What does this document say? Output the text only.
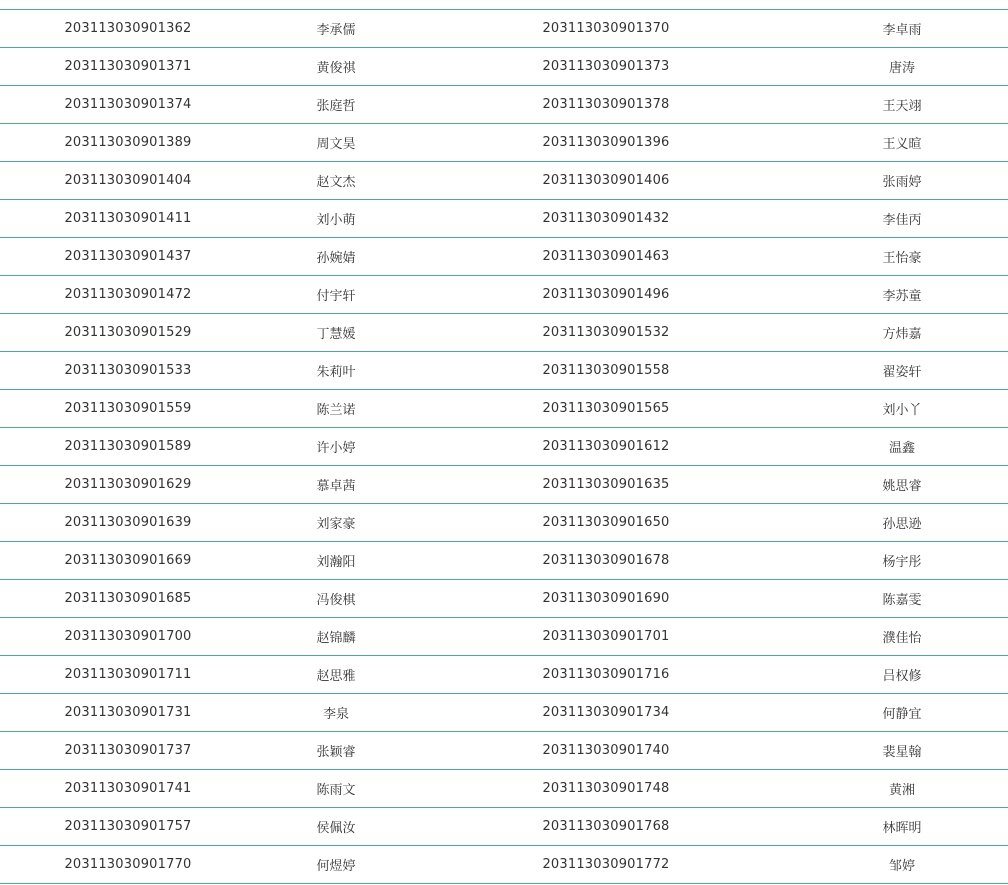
203113030901362		李承儒	203113030901370		李卓雨
203113030901371		黄俊祺	203113030901373		唐涛
203113030901374		张庭哲	203113030901378		王天翊
203113030901389		周文昊	203113030901396		王义暄
203113030901404		赵文杰	203113030901406		张雨婷
203113030901411		刘小萌	203113030901432		李佳丙
203113030901437		孙婉婧	203113030901463		王怡豪
203113030901472		付宇轩	203113030901496		李苏童
203113030901529		丁慧媛	203113030901532		方炜嘉
203113030901533		朱莉叶	203113030901558		翟姿轩
203113030901559		陈兰诺	203113030901565		刘小丫
203113030901589		许小婷	203113030901612		温鑫
203113030901629		慕卓茜	203113030901635		姚思睿
203113030901639		刘家豪	203113030901650		孙思逊
203113030901669		刘瀚阳	203113030901678		杨宇彤
203113030901685		冯俊棋	203113030901690		陈嘉雯
203113030901700		赵锦麟	203113030901701		濮佳怡
203113030901711		赵思雅	203113030901716		吕权修
203113030901731		李泉	203113030901734		何静宜
203113030901737		张颖睿	203113030901740		裴星翰
203113030901741		陈雨文	203113030901748		黄湘
203113030901757		侯佩汝	203113030901768		林晖明
203113030901770		何煜婷	203113030901772		邹婷
